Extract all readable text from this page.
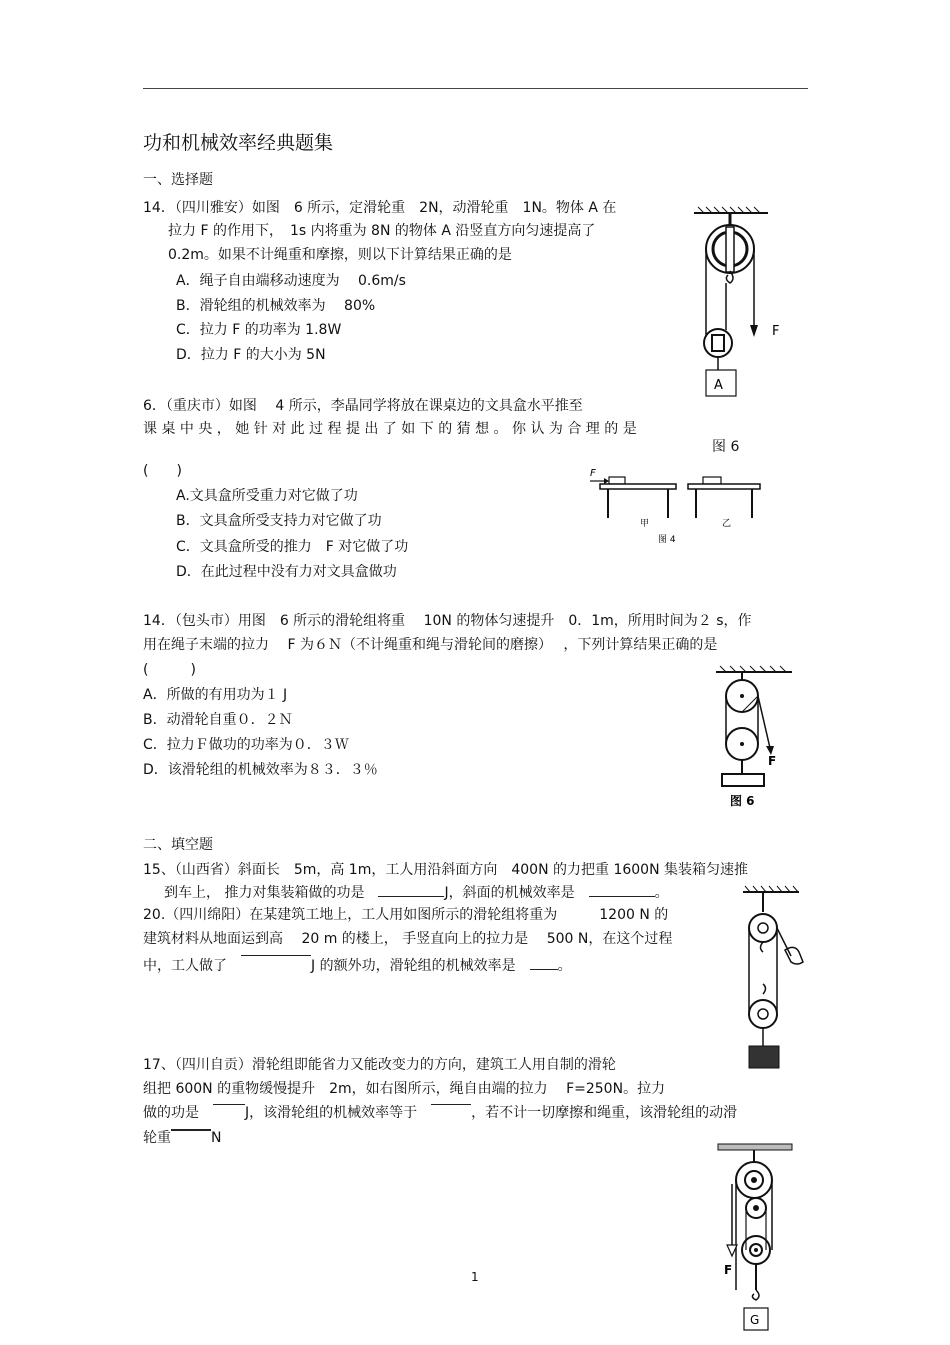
功和机械效率经典题集
一、选择题
14．（四川雅安）如图　6 所示，定滑轮重　2N，动滑轮重　1N。物体 A 在
拉力 F 的作用下，　1s 内将重为 8N 的物体 A 沿竖直方向匀速提高了
0.2m。如果不计绳重和摩擦，则以下计算结果正确的是
A．绳子自由端移动速度为　 0.6m/s
B．滑轮组的机械效率为　 80%
C．拉力 F 的功率为 1.8W
D．拉力 F 的大小为 5N
F
A
图 6
6．（重庆市）如图　 4 所示，李晶同学将放在课桌边的文具盒水平推至
课 桌 中 央 ， 她 针 对 此 过 程 提 出 了 如 下 的 猜 想 。 你 认 为 合 理 的 是
(　　)
A.文具盒所受重力对它做了功
B．文具盒所受支持力对它做了功
C．文具盒所受的推力　F 对它做了功
D．在此过程中没有力对文具盒做功
F
甲	乙
图 4
14．（包头市）用图　6 所示的滑轮组将重　 10N 的物体匀速提升　0．1m，所用时间为２ s，作
用在绳子末端的拉力　 F 为６Ｎ（不计绳重和绳与滑轮间的磨擦）　 ，下列计算结果正确的是
(　　　)
A．所做的有用功为１ J
B．动滑轮自重０．２Ｎ
C．拉力Ｆ做功的功率为０．３Ｗ
D．该滑轮组的机械效率为８３．３％
F
图 6
二、填空题
15、（山西省）斜面长　5m，高 1m，工人用沿斜面方向　400N 的力把重 1600N 集装箱匀速推
到车上， 推力对集装箱做的功是　	J，斜面的机械效率是　	。
20.（四川绵阳）在某建筑工地上，工人用如图所示的滑轮组将重为　　　1200 N 的
建筑材料从地面运到高　 20 m 的楼上， 手竖直向上的拉力是　 500 N，在这个过程
中，工人做了　	J 的额外功，滑轮组的机械效率是　。
17、（四川自贡）滑轮组即能省力又能改变力的方向，建筑工人用自制的滑轮
组把 600N 的重物缓慢提升　2m，如右图所示，绳自由端的拉力　 F=250N。拉力
做的功是　J，该滑轮组的机械效率等于　	，若不计一切摩擦和绳重，该滑轮组的动滑
轮重	N
F
G
1
